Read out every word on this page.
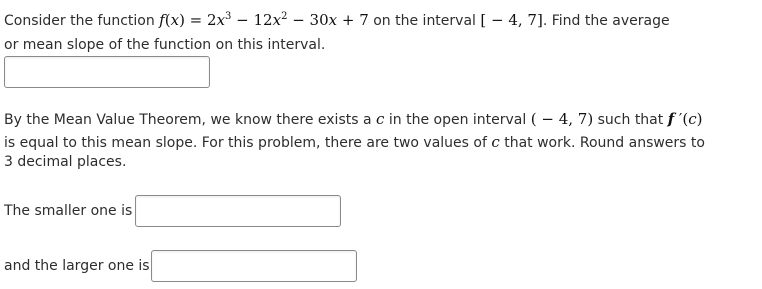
Consider the function $f(x) = 2x^3 - 12x^2 - 30x + 7$ on the interval [ − 4, 7]. Find the average
or mean slope of the function on this interval.
By the Mean Value Theorem, we know there exists a c in the open interval ( − 4, 7) such that f ′(c)
is equal to this mean slope. For this problem, there are two values of c that work. Round answers to
3 decimal places.
The smaller one is
and the larger one is
